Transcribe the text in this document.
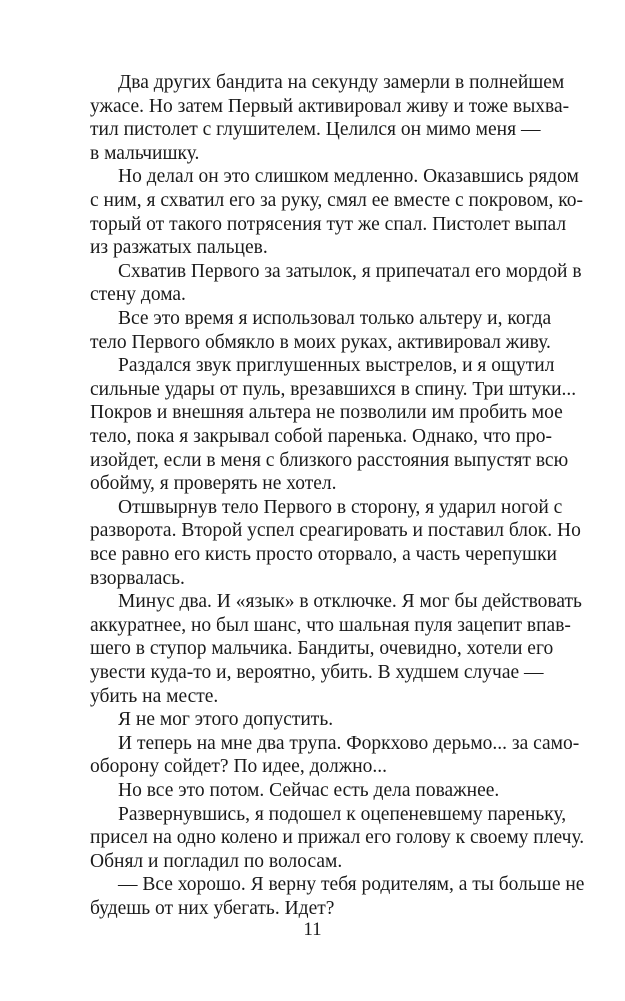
Два других бандита на секунду замерли в полнейшем
ужасе. Но затем Первый активировал живу и тоже выхва-
тил пистолет с глушителем. Целился он мимо меня —
в мальчишку.
Но делал он это слишком медленно. Оказавшись рядом
с ним, я схватил его за руку, смял ее вместе с покровом, ко-
торый от такого потрясения тут же спал. Пистолет выпал
из разжатых пальцев.
Схватив Первого за затылок, я припечатал его мордой в
стену дома.
Все это время я использовал только альтеру и, когда
тело Первого обмякло в моих руках, активировал живу.
Раздался звук приглушенных выстрелов, и я ощутил
сильные удары от пуль, врезавшихся в спину. Три штуки...
Покров и внешняя альтера не позволили им пробить мое
тело, пока я закрывал собой паренька. Однако, что про-
изойдет, если в меня с близкого расстояния выпустят всю
обойму, я проверять не хотел.
Отшвырнув тело Первого в сторону, я ударил ногой с
разворота. Второй успел среагировать и поставил блок. Но
все равно его кисть просто оторвало, а часть черепушки
взорвалась.
Минус два. И «язык» в отключке. Я мог бы действовать
аккуратнее, но был шанс, что шальная пуля зацепит впав-
шего в ступор мальчика. Бандиты, очевидно, хотели его
увести куда-то и, вероятно, убить. В худшем случае —
убить на месте.
Я не мог этого допустить.
И теперь на мне два трупа. Форкхово дерьмо... за само-
оборону сойдет? По идее, должно...
Но все это потом. Сейчас есть дела поважнее.
Развернувшись, я подошел к оцепеневшему пареньку,
присел на одно колено и прижал его голову к своему плечу.
Обнял и погладил по волосам.
— Все хорошо. Я верну тебя родителям, а ты больше не
будешь от них убегать. Идет?
11
